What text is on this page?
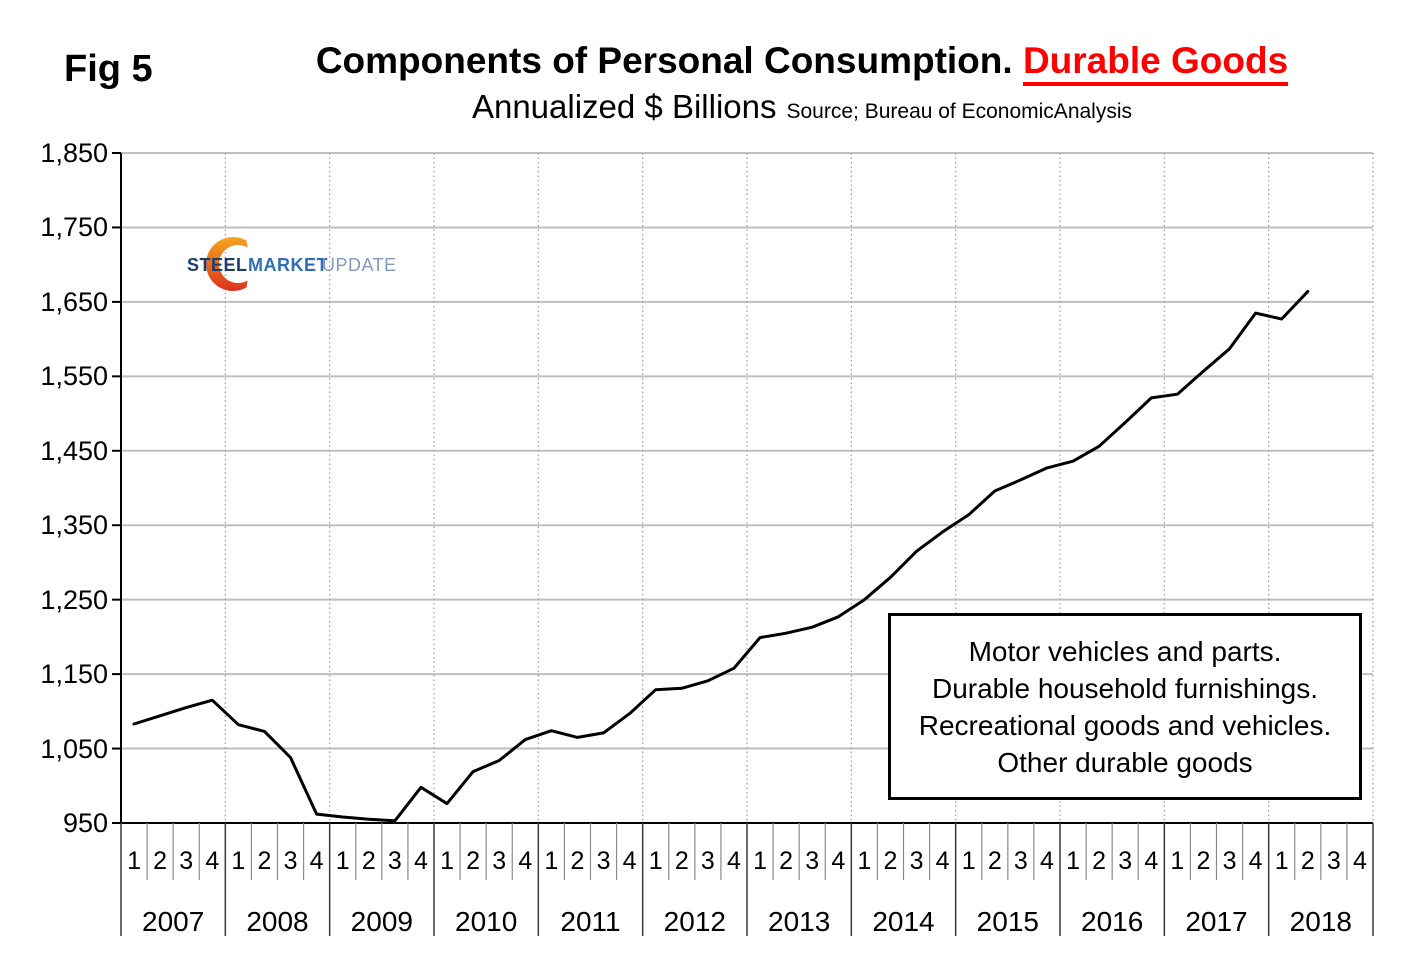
Fig 5	Components of Personal Consumption. Durable Goods
Annualized $ Billions Source; Bureau of EconomicAnalysis
STEEL MARKET
UPDATE
1,850
1,750
1,650
1,550
1,450
1,350
1,250
1,150
1,050
950
1 2 3 4 1 2 3 4 1 2 3 4 1 2 3 4 1 2 3 4 1 2 3 4 1 2 3 4 1 2 3 4 1 2 3 4 1 2 3 4 1 2 3 4 1 2 3 4
2007	2008	2009	2010	2011	2012	2013	2014	2015	2016	2017	2018
Motor vehicles and parts.
Durable household furnishings.
Recreational goods and vehicles.
Other durable goods
